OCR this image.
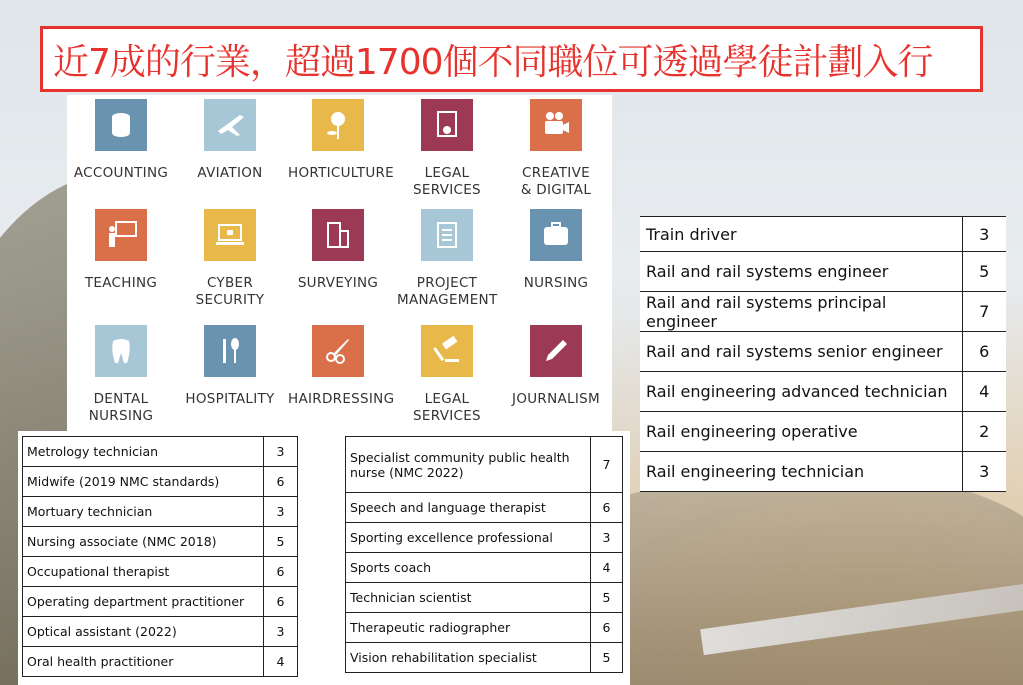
近7成的行業，超過1700個不同職位可透過學徒計劃入行
ACCOUNTING	AVIATION	HORTICULTURE	LEGAL
SERVICES
CREATIVE
& DIGITAL
TEACHING	CYBER
SECURITY
SURVEYING	PROJECT
MANAGEMENT
NURSING
DENTAL
NURSING
HOSPITALITY HAIRDRESSING	LEGAL
SERVICES
JOURNALISM
Train driver	3
Rail and rail systems engineer	5
Rail and rail systems principal engineer	7
Rail and rail systems senior engineer	6
Rail engineering advanced technician	4
Rail engineering operative	2
Rail engineering technician	3
Metrology technician	3
Midwife (2019 NMC standards)	6
Mortuary technician	3
Nursing associate (NMC 2018)	5
Occupational therapist	6
Operating department practitioner	6
Optical assistant (2022)	3
Oral health practitioner	4
Specialist community public health nurse (NMC 2022)	7
Speech and language therapist	6
Sporting excellence professional	3
Sports coach	4
Technician scientist	5
Therapeutic radiographer	6
Vision rehabilitation specialist	5
